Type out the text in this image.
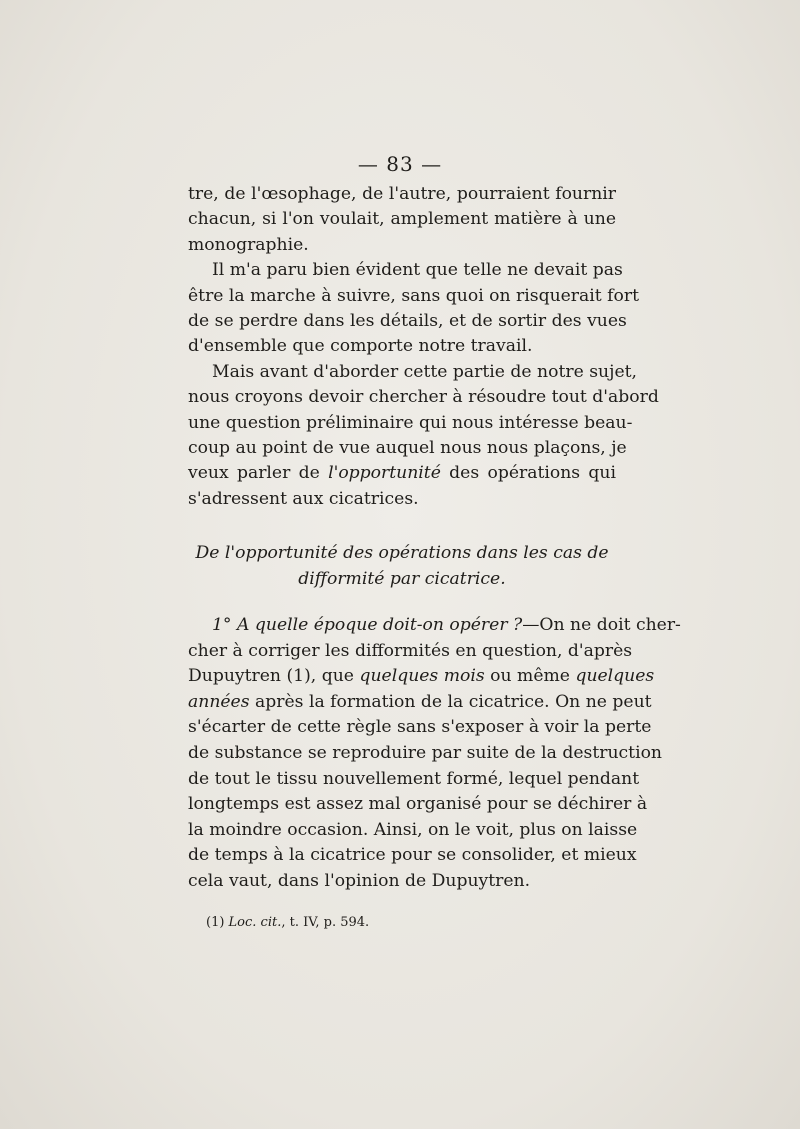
— 83 —

tre, de l'œsophage, de l'autre, pourraient fournir
chacun, si l'on voulait, amplement matière à une
monographie.

Il m'a paru bien évident que telle ne devait pas
être la marche à suivre, sans quoi on risquerait fort
de se perdre dans les détails, et de sortir des vues
d'ensemble que comporte notre travail.

Mais avant d'aborder cette partie de notre sujet,
nous croyons devoir chercher à résoudre tout d'abord
une question préliminaire qui nous intéresse beau-
coup au point de vue auquel nous nous plaçons, je
veux parler de l'opportunité des opérations qui
s'adressent aux cicatrices.

De l'opportunité des opérations dans les cas de
difformité par cicatrice.
1° A quelle époque doit-on opérer ?—On ne doit cher-
cher à corriger les difformités en question, d'après
Dupuytren (1), que quelques mois ou même quelques
années après la formation de la cicatrice. On ne peut
s'écarter de cette règle sans s'exposer à voir la perte
de substance se reproduire par suite de la destruction
de tout le tissu nouvellement formé, lequel pendant
longtemps est assez mal organisé pour se déchirer à
la moindre occasion. Ainsi, on le voit, plus on laisse
de temps à la cicatrice pour se consolider, et mieux
cela vaut, dans l'opinion de Dupuytren.
(1) Loc. cit., t. IV, p. 594.
